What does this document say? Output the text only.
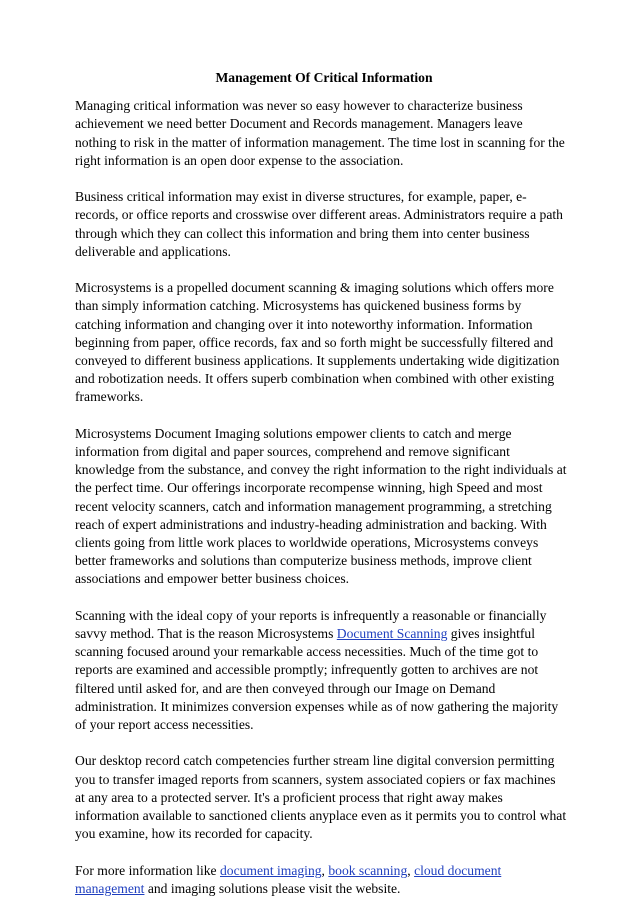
Management Of Critical Information

Managing critical information was never so easy however to characterize business achievement we need better Document and Records management. Managers leave nothing to risk in the matter of information management. The time lost in scanning for the right information is an open door expense to the association.

Business critical information may exist in diverse structures, for example, paper, e-records, or office reports and crosswise over different areas. Administrators require a path through which they can collect this information and bring them into center business deliverable and applications.

Microsystems is a propelled document scanning & imaging solutions which offers more than simply information catching. Microsystems has quickened business forms by catching information and changing over it into noteworthy information. Information beginning from paper, office records, fax and so forth might be successfully filtered and conveyed to different business applications. It supplements undertaking wide digitization and robotization needs. It offers superb combination when combined with other existing frameworks.

Microsystems Document Imaging solutions empower clients to catch and merge information from digital and paper sources, comprehend and remove significant knowledge from the substance, and convey the right information to the right individuals at the perfect time. Our offerings incorporate recompense winning, high Speed and most recent velocity scanners, catch and information management programming, a stretching reach of expert administrations and industry-heading administration and backing. With clients going from little work places to worldwide operations, Microsystems conveys better frameworks and solutions than computerize business methods, improve client associations and empower better business choices.

Scanning with the ideal copy of your reports is infrequently a reasonable or financially savvy method. That is the reason Microsystems Document Scanning gives insightful scanning focused around your remarkable access necessities. Much of the time got to reports are examined and accessible promptly; infrequently gotten to archives are not filtered until asked for, and are then conveyed through our Image on Demand administration. It minimizes conversion expenses while as of now gathering the majority of your report access necessities.

Our desktop record catch competencies further stream line digital conversion permitting you to transfer imaged reports from scanners, system associated copiers or fax machines at any area to a protected server. It's a proficient process that right away makes information available to sanctioned clients anyplace even as it permits you to control what you examine, how its recorded for capacity.

For more information like document imaging, book scanning, cloud document management and imaging solutions please visit the website.
